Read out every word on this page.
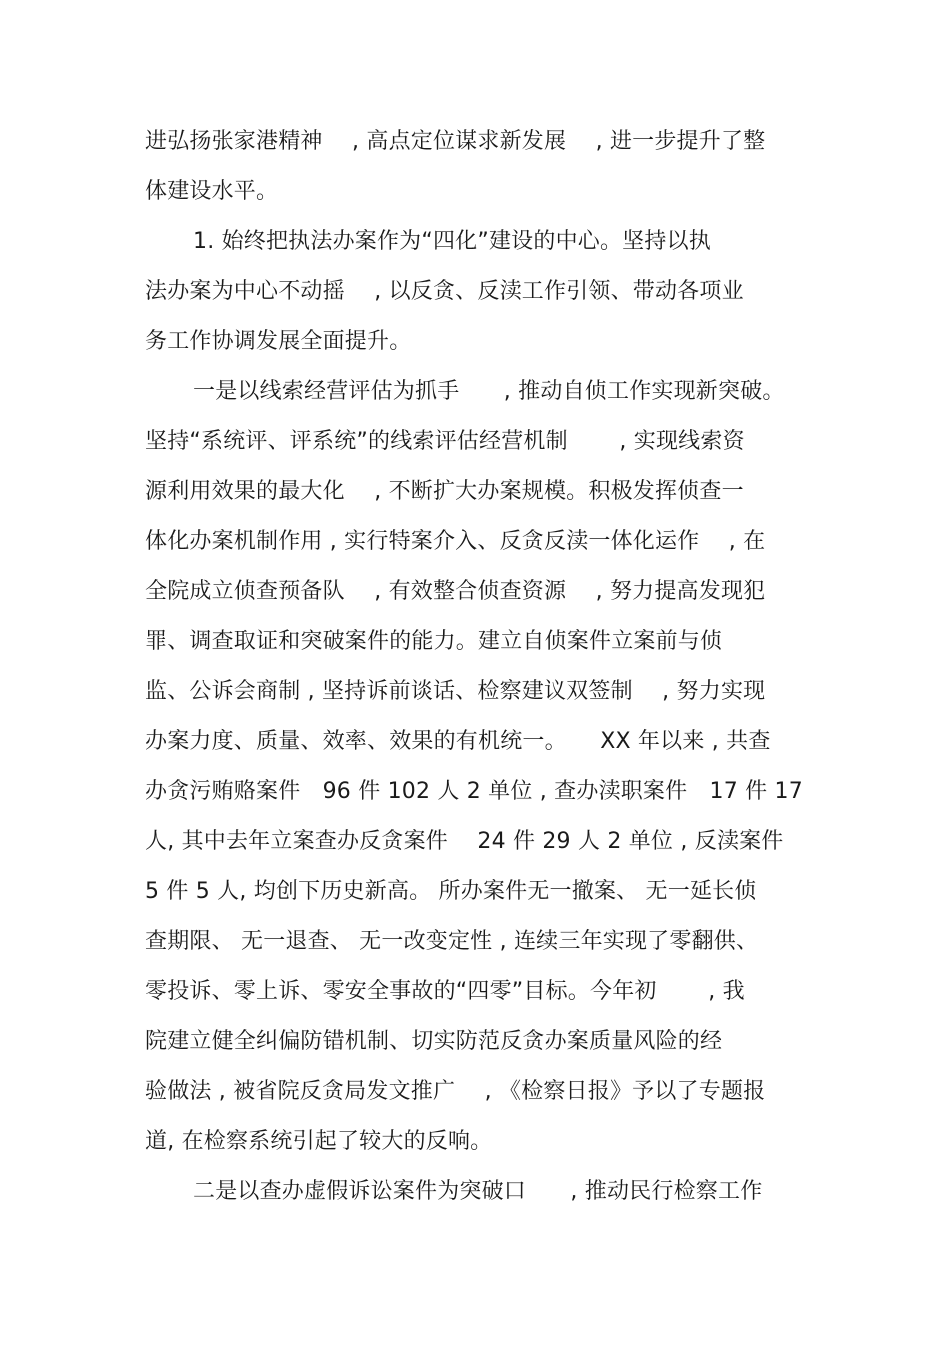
进弘扬张家港精神　 , 高点定位谋求新发展　 , 进一步提升了整
体建设水平。
1. 始终把执法办案作为“四化”建设的中心。坚持以执
法办案为中心不动摇　 , 以反贪、反渎工作引领、带动各项业
务工作协调发展全面提升。
一是以线索经营评估为抓手　　, 推动自侦工作实现新突破。
坚持“系统评、评系统”的线索评估经营机制　　 , 实现线索资
源利用效果的最大化　 , 不断扩大办案规模。积极发挥侦查一
体化办案机制作用 , 实行特案介入、反贪反渎一体化运作　 , 在
全院成立侦查预备队　 , 有效整合侦查资源　 , 努力提高发现犯
罪、调查取证和突破案件的能力。建立自侦案件立案前与侦
监、公诉会商制 , 坚持诉前谈话、检察建议双签制　 , 努力实现
办案力度、质量、效率、效果的有机统一。　　XX 年以来 , 共查
办贪污贿赂案件　96 件 102 人 2 单位 , 查办渎职案件　17 件 17
人, 其中去年立案查办反贪案件　 24 件 29 人 2 单位 , 反渎案件
5 件 5 人, 均创下历史新高。 所办案件无一撤案、 无一延长侦
查期限、 无一退查、 无一改变定性 , 连续三年实现了零翻供、
零投诉、零上诉、零安全事故的“四零”目标。今年初　　 , 我
院建立健全纠偏防错机制、切实防范反贪办案质量风险的经
验做法 , 被省院反贪局发文推广　 , 《检察日报》予以了专题报
道, 在检察系统引起了较大的反响。
二是以查办虚假诉讼案件为突破口　　, 推动民行检察工作
